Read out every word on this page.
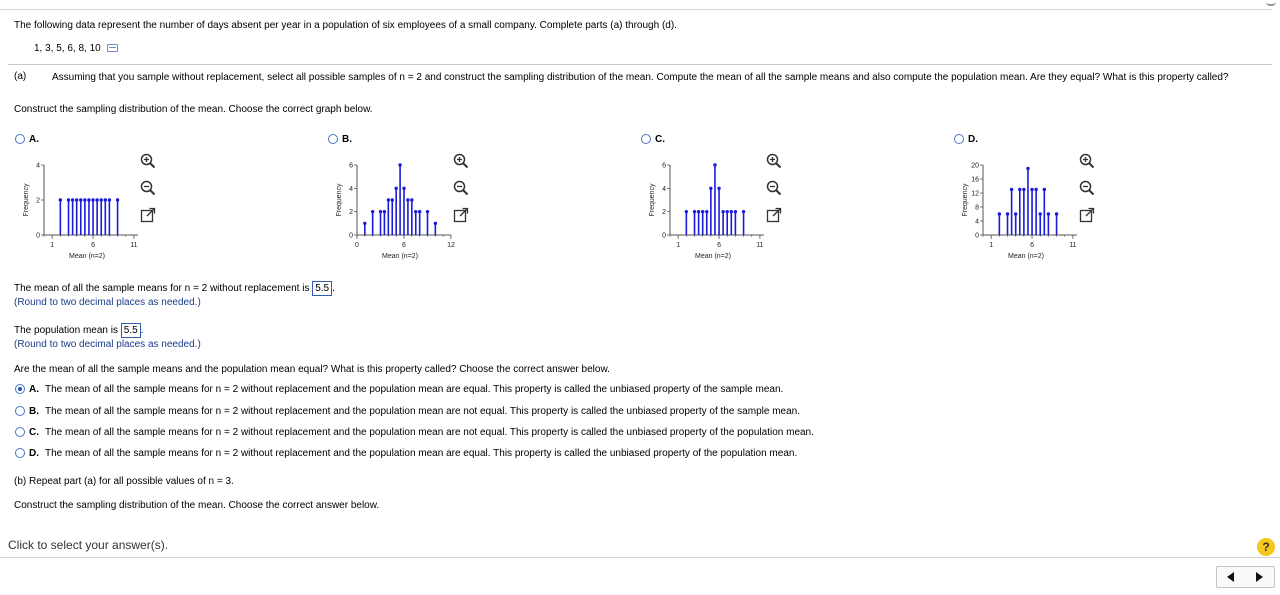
The following data represent the number of days absent per year in a population of six employees of a small company. Complete parts (a) through (d).
1, 3, 5, 6, 8, 10
(a)	Assuming that you sample without replacement, select all possible samples of n = 2 and construct the sampling distribution of the mean. Compute the mean of all the sample means and also compute the population mean. Are they equal? What is this property called?
Construct the sampling distribution of the mean. Choose the correct graph below.
A.	B.	C.	D.
1	6	11
0
2
4
Mean (n=2)
Frequency
0	6	12
0
2
4
6
Mean (n=2)
Frequency
1	6	11
0
2
4
6
Mean (n=2)
Frequency
1	6	11
0
4
8
12
16
20
Mean (n=2)
Frequency
The mean of all the sample means for n = 2 without replacement is 5.5 .
(Round to two decimal places as needed.)
The population mean is 5.5 .
(Round to two decimal places as needed.)
Are the mean of all the sample means and the population mean equal? What is this property called? Choose the correct answer below.
A. The mean of all the sample means for n = 2 without replacement and the population mean are equal. This property is called the unbiased property of the sample mean.
B. The mean of all the sample means for n = 2 without replacement and the population mean are not equal. This property is called the unbiased property of the sample mean.
C. The mean of all the sample means for n = 2 without replacement and the population mean are not equal. This property is called the unbiased property of the population mean.
D. The mean of all the sample means for n = 2 without replacement and the population mean are equal. This property is called the unbiased property of the population mean.
(b) Repeat part (a) for all possible values of n = 3.
Construct the sampling distribution of the mean. Choose the correct answer below.
Click to select your answer(s).	?
